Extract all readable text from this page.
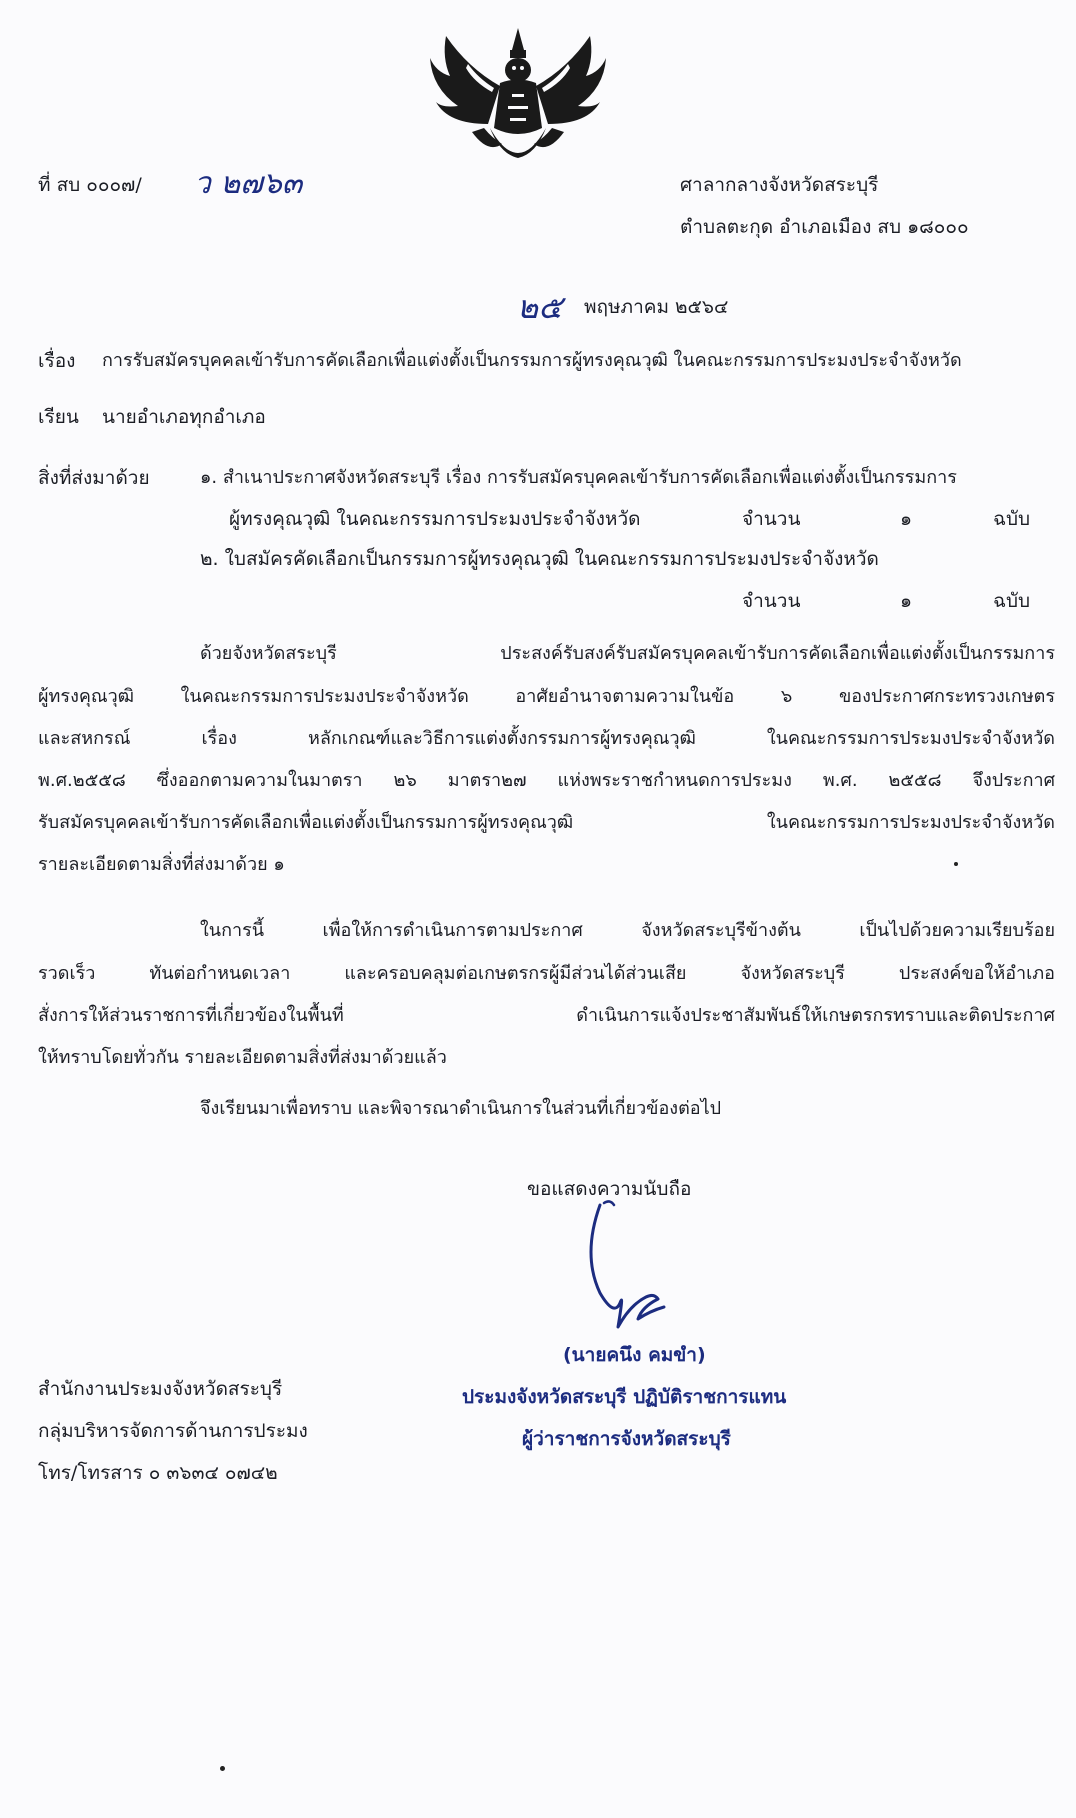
ที่ สบ ๐๐๐๗/ ว ๒๗๖๓	ศาลากลางจังหวัดสระบุรี
ตำบลตะกุด อำเภอเมือง สบ ๑๘๐๐๐
๒๕ พฤษภาคม ๒๕๖๔
เรื่อง การรับสมัครบุคคลเข้ารับการคัดเลือกเพื่อแต่งตั้งเป็นกรรมการผู้ทรงคุณวุฒิ ในคณะกรรมการประมงประจำจังหวัด
เรียน นายอำเภอทุกอำเภอ
สิ่งที่ส่งมาด้วย	๑. สำเนาประกาศจังหวัดสระบุรี เรื่อง การรับสมัครบุคคลเข้ารับการคัดเลือกเพื่อแต่งตั้งเป็นกรรมการ
ผู้ทรงคุณวุฒิ ในคณะกรรมการประมงประจำจังหวัด	จำนวน	๑	ฉบับ
๒. ใบสมัครคัดเลือกเป็นกรรมการผู้ทรงคุณวุฒิ ในคณะกรรมการประมงประจำจังหวัด
จำนวน	๑	ฉบับ
ด้วยจังหวัดสระบุรี ประสงค์รับสงค์รับสมัครบุคคลเข้ารับการคัดเลือกเพื่อแต่งตั้งเป็นกรรมการ
ผู้ทรงคุณวุฒิ ในคณะกรรมการประมงประจำจังหวัด อาศัยอำนาจตามความในข้อ ๖ ของประกาศกระทรวงเกษตร
และสหกรณ์ เรื่อง หลักเกณฑ์และวิธีการแต่งตั้งกรรมการผู้ทรงคุณวุฒิ ในคณะกรรมการประมงประจำจังหวัด
พ.ศ.๒๕๕๘ ซึ่งออกตามความในมาตรา ๒๖ มาตรา๒๗ แห่งพระราชกำหนดการประมง พ.ศ. ๒๕๕๘ จึงประกาศ
รับสมัครบุคคลเข้ารับการคัดเลือกเพื่อแต่งตั้งเป็นกรรมการผู้ทรงคุณวุฒิ ในคณะกรรมการประมงประจำจังหวัด
รายละเอียดตามสิ่งที่ส่งมาด้วย ๑
ในการนี้ เพื่อให้การดำเนินการตามประกาศ จังหวัดสระบุรีข้างต้น เป็นไปด้วยความเรียบร้อย
รวดเร็ว ทันต่อกำหนดเวลา และครอบคลุมต่อเกษตรกรผู้มีส่วนได้ส่วนเสีย จังหวัดสระบุรี ประสงค์ขอให้อำเภอ
สั่งการให้ส่วนราชการที่เกี่ยวข้องในพื้นที่ ดำเนินการแจ้งประชาสัมพันธ์ให้เกษตรกรทราบและติดประกาศ
ให้ทราบโดยทั่วกัน รายละเอียดตามสิ่งที่ส่งมาด้วยแล้ว
จึงเรียนมาเพื่อทราบ และพิจารณาดำเนินการในส่วนที่เกี่ยวข้องต่อไป
ขอแสดงความนับถือ
(นายคนึง คมขำ)
ประมงจังหวัดสระบุรี ปฏิบัติราชการแทน
ผู้ว่าราชการจังหวัดสระบุรี
สำนักงานประมงจังหวัดสระบุรี
กลุ่มบริหารจัดการด้านการประมง
โทร/โทรสาร ๐ ๓๖๓๔ ๐๗๔๒
